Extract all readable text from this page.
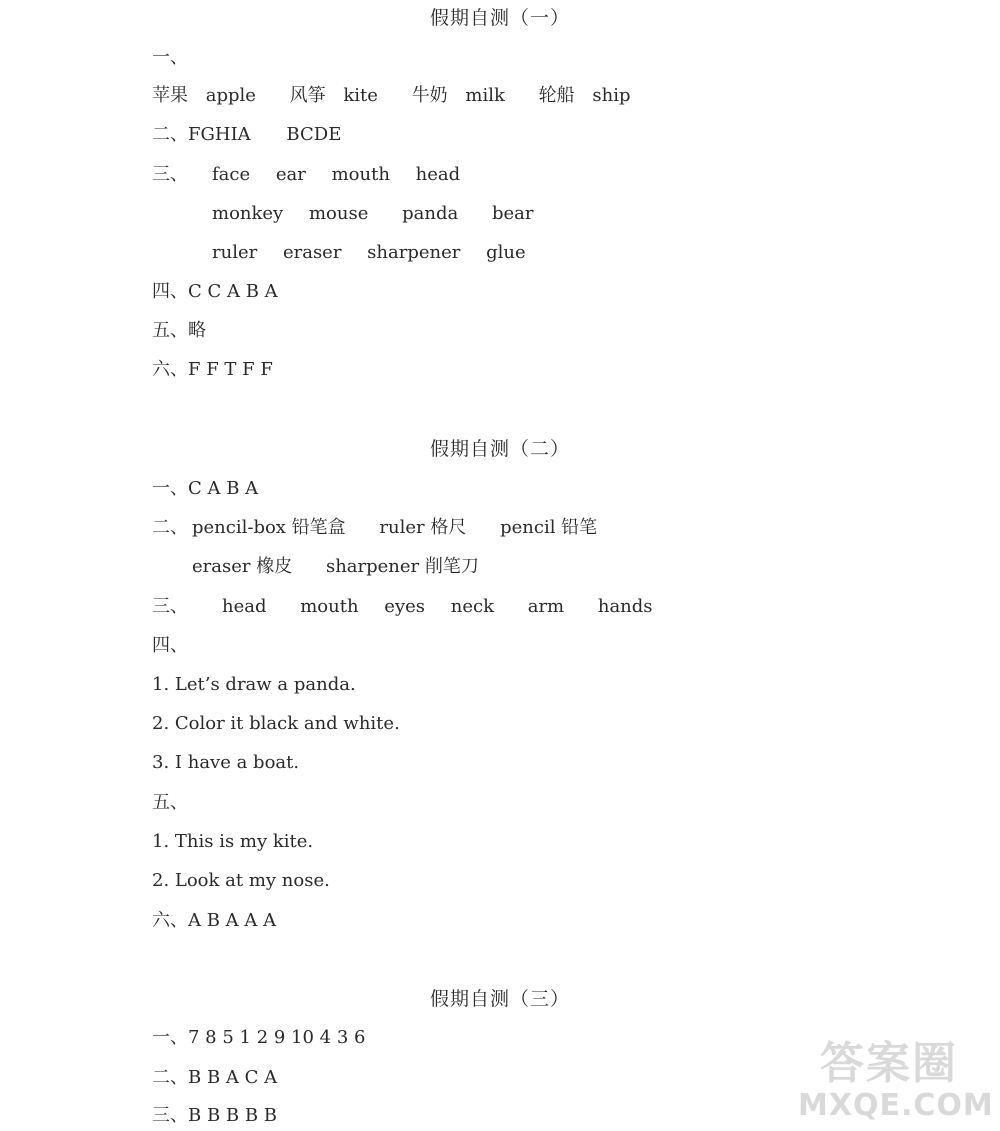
假期自测（一）
一、
苹果 apple 风筝 kite 牛奶 milk 轮船 ship
二、FGHIA BCDE
三、 face ear mouth head
monkey mouse panda bear
ruler eraser sharpener glue
四、C C A B A
五、略
六、F F T F F
假期自测（二）
一、C A B A
二、 pencil-box 铅笔盒 ruler 格尺 pencil 铅笔
eraser 橡皮 sharpener 削笔刀
三、 head mouth eyes neck arm hands
四、
1. Let’s draw a panda.
2. Color it black and white.
3. I have a boat.
五、
1. This is my kite.
2. Look at my nose.
六、A B A A A
假期自测（三）
一、7 8 5 1 2 9 10 4 3 6
二、B B A C A
三、B B B B B
答案圈
MXQE.COM
